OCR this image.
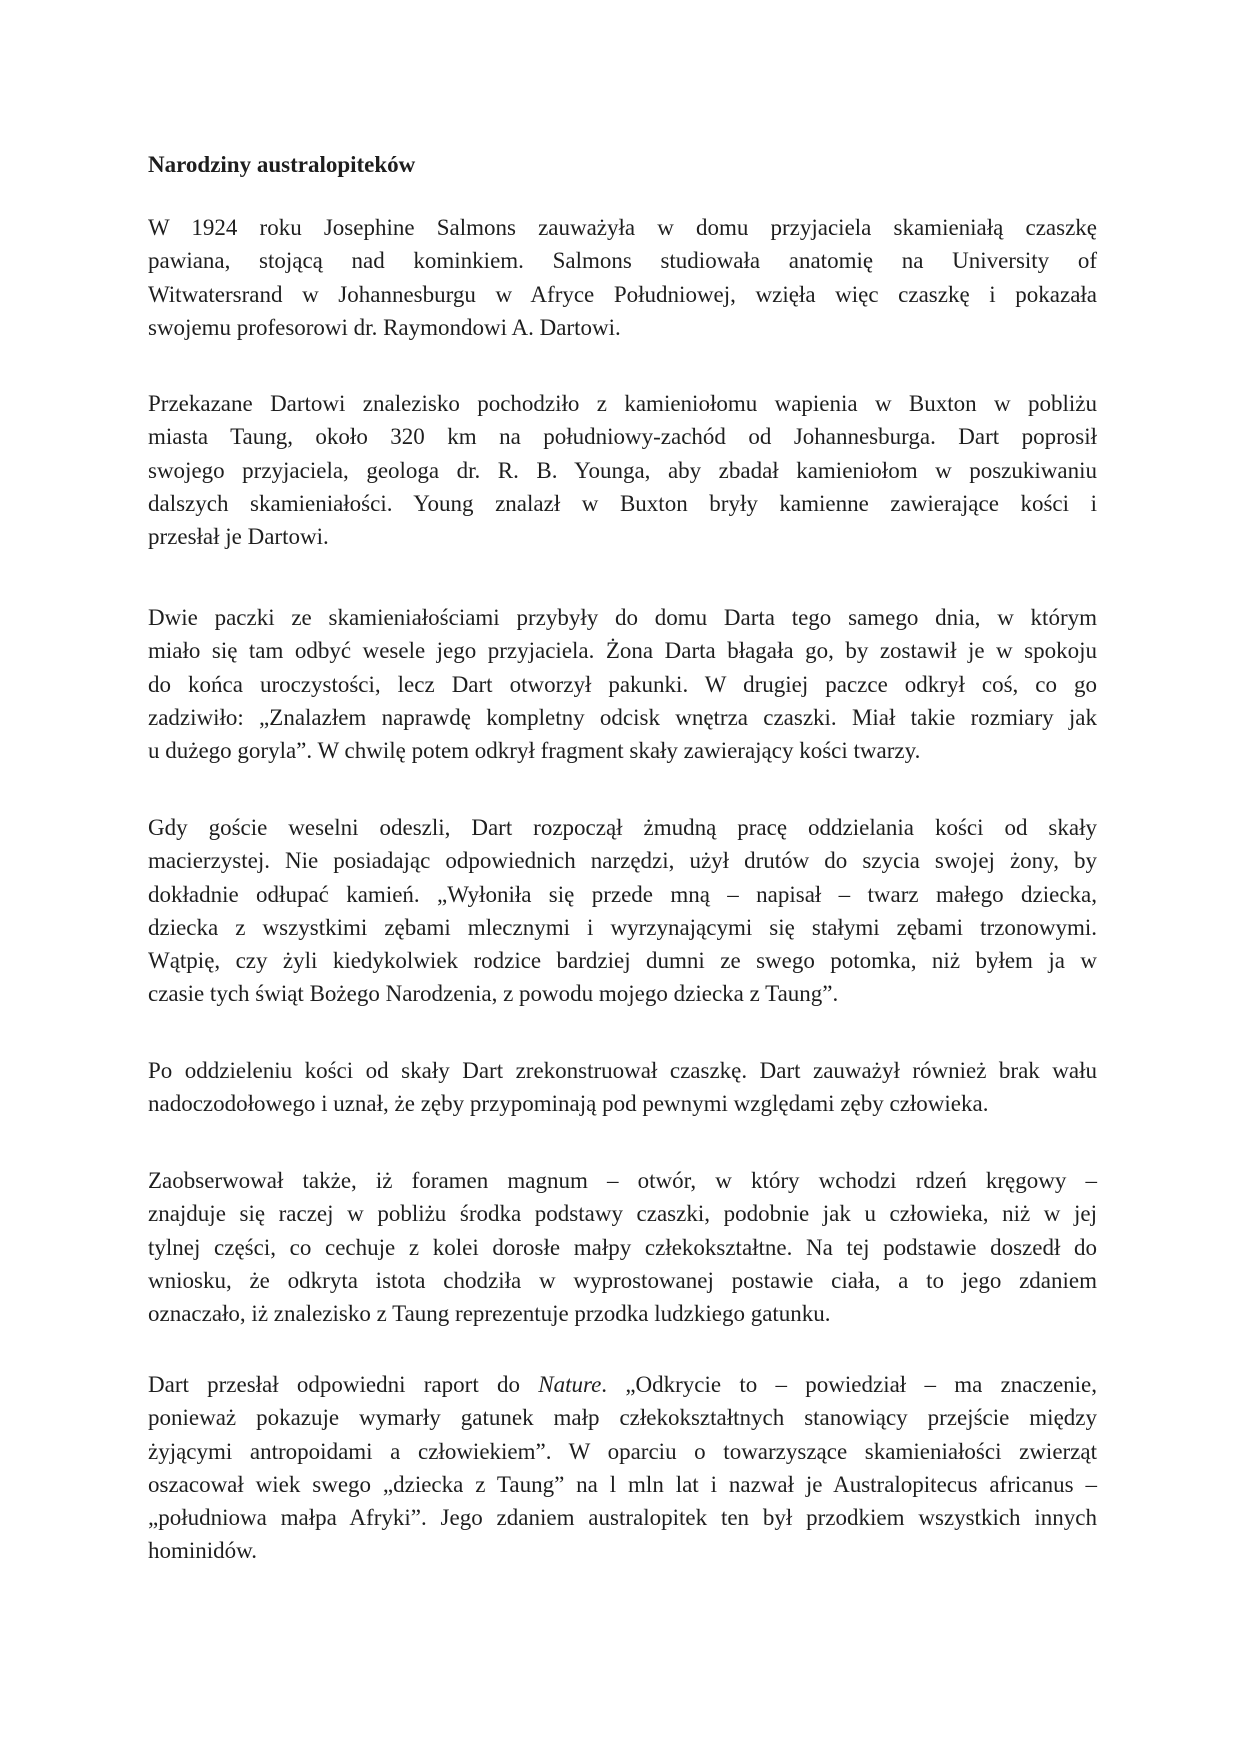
Narodziny australopiteków
W 1924 roku Josephine Salmons zauważyła w domu przyjaciela skamieniałą czaszkę
pawiana, stojącą nad kominkiem. Salmons studiowała anatomię na University of
Witwatersrand w Johannesburgu w Afryce Południowej, wzięła więc czaszkę i pokazała
swojemu profesorowi dr. Raymondowi A. Dartowi.
Przekazane Dartowi znalezisko pochodziło z kamieniołomu wapienia w Buxton w pobliżu
miasta Taung, około 320 km na południowy-zachód od Johannesburga. Dart poprosił
swojego przyjaciela, geologa dr. R. B. Younga, aby zbadał kamieniołom w poszukiwaniu
dalszych skamieniałości. Young znalazł w Buxton bryły kamienne zawierające kości i
przesłał je Dartowi.
Dwie paczki ze skamieniałościami przybyły do domu Darta tego samego dnia, w którym
miało się tam odbyć wesele jego przyjaciela. Żona Darta błagała go, by zostawił je w spokoju
do końca uroczystości, lecz Dart otworzył pakunki. W drugiej paczce odkrył coś, co go
zadziwiło: „Znalazłem naprawdę kompletny odcisk wnętrza czaszki. Miał takie rozmiary jak
u dużego goryla”. W chwilę potem odkrył fragment skały zawierający kości twarzy.
Gdy goście weselni odeszli, Dart rozpoczął żmudną pracę oddzielania kości od skały
macierzystej. Nie posiadając odpowiednich narzędzi, użył drutów do szycia swojej żony, by
dokładnie odłupać kamień. „Wyłoniła się przede mną – napisał – twarz małego dziecka,
dziecka z wszystkimi zębami mlecznymi i wyrzynającymi się stałymi zębami trzonowymi.
Wątpię, czy żyli kiedykolwiek rodzice bardziej dumni ze swego potomka, niż byłem ja w
czasie tych świąt Bożego Narodzenia, z powodu mojego dziecka z Taung”.
Po oddzieleniu kości od skały Dart zrekonstruował czaszkę. Dart zauważył również brak wału
nadoczodołowego i uznał, że zęby przypominają pod pewnymi względami zęby człowieka.
Zaobserwował także, iż foramen magnum – otwór, w który wchodzi rdzeń kręgowy –
znajduje się raczej w pobliżu środka podstawy czaszki, podobnie jak u człowieka, niż w jej
tylnej części, co cechuje z kolei dorosłe małpy człekokształtne. Na tej podstawie doszedł do
wniosku, że odkryta istota chodziła w wyprostowanej postawie ciała, a to jego zdaniem
oznaczało, iż znalezisko z Taung reprezentuje przodka ludzkiego gatunku.
Dart przesłał odpowiedni raport do Nature. „Odkrycie to – powiedział – ma znaczenie,
ponieważ pokazuje wymarły gatunek małp człekokształtnych stanowiący przejście między
żyjącymi antropoidami a człowiekiem”. W oparciu o towarzyszące skamieniałości zwierząt
oszacował wiek swego „dziecka z Taung” na l mln lat i nazwał je Australopitecus africanus –
„południowa małpa Afryki”. Jego zdaniem australopitek ten był przodkiem wszystkich innych
hominidów.
